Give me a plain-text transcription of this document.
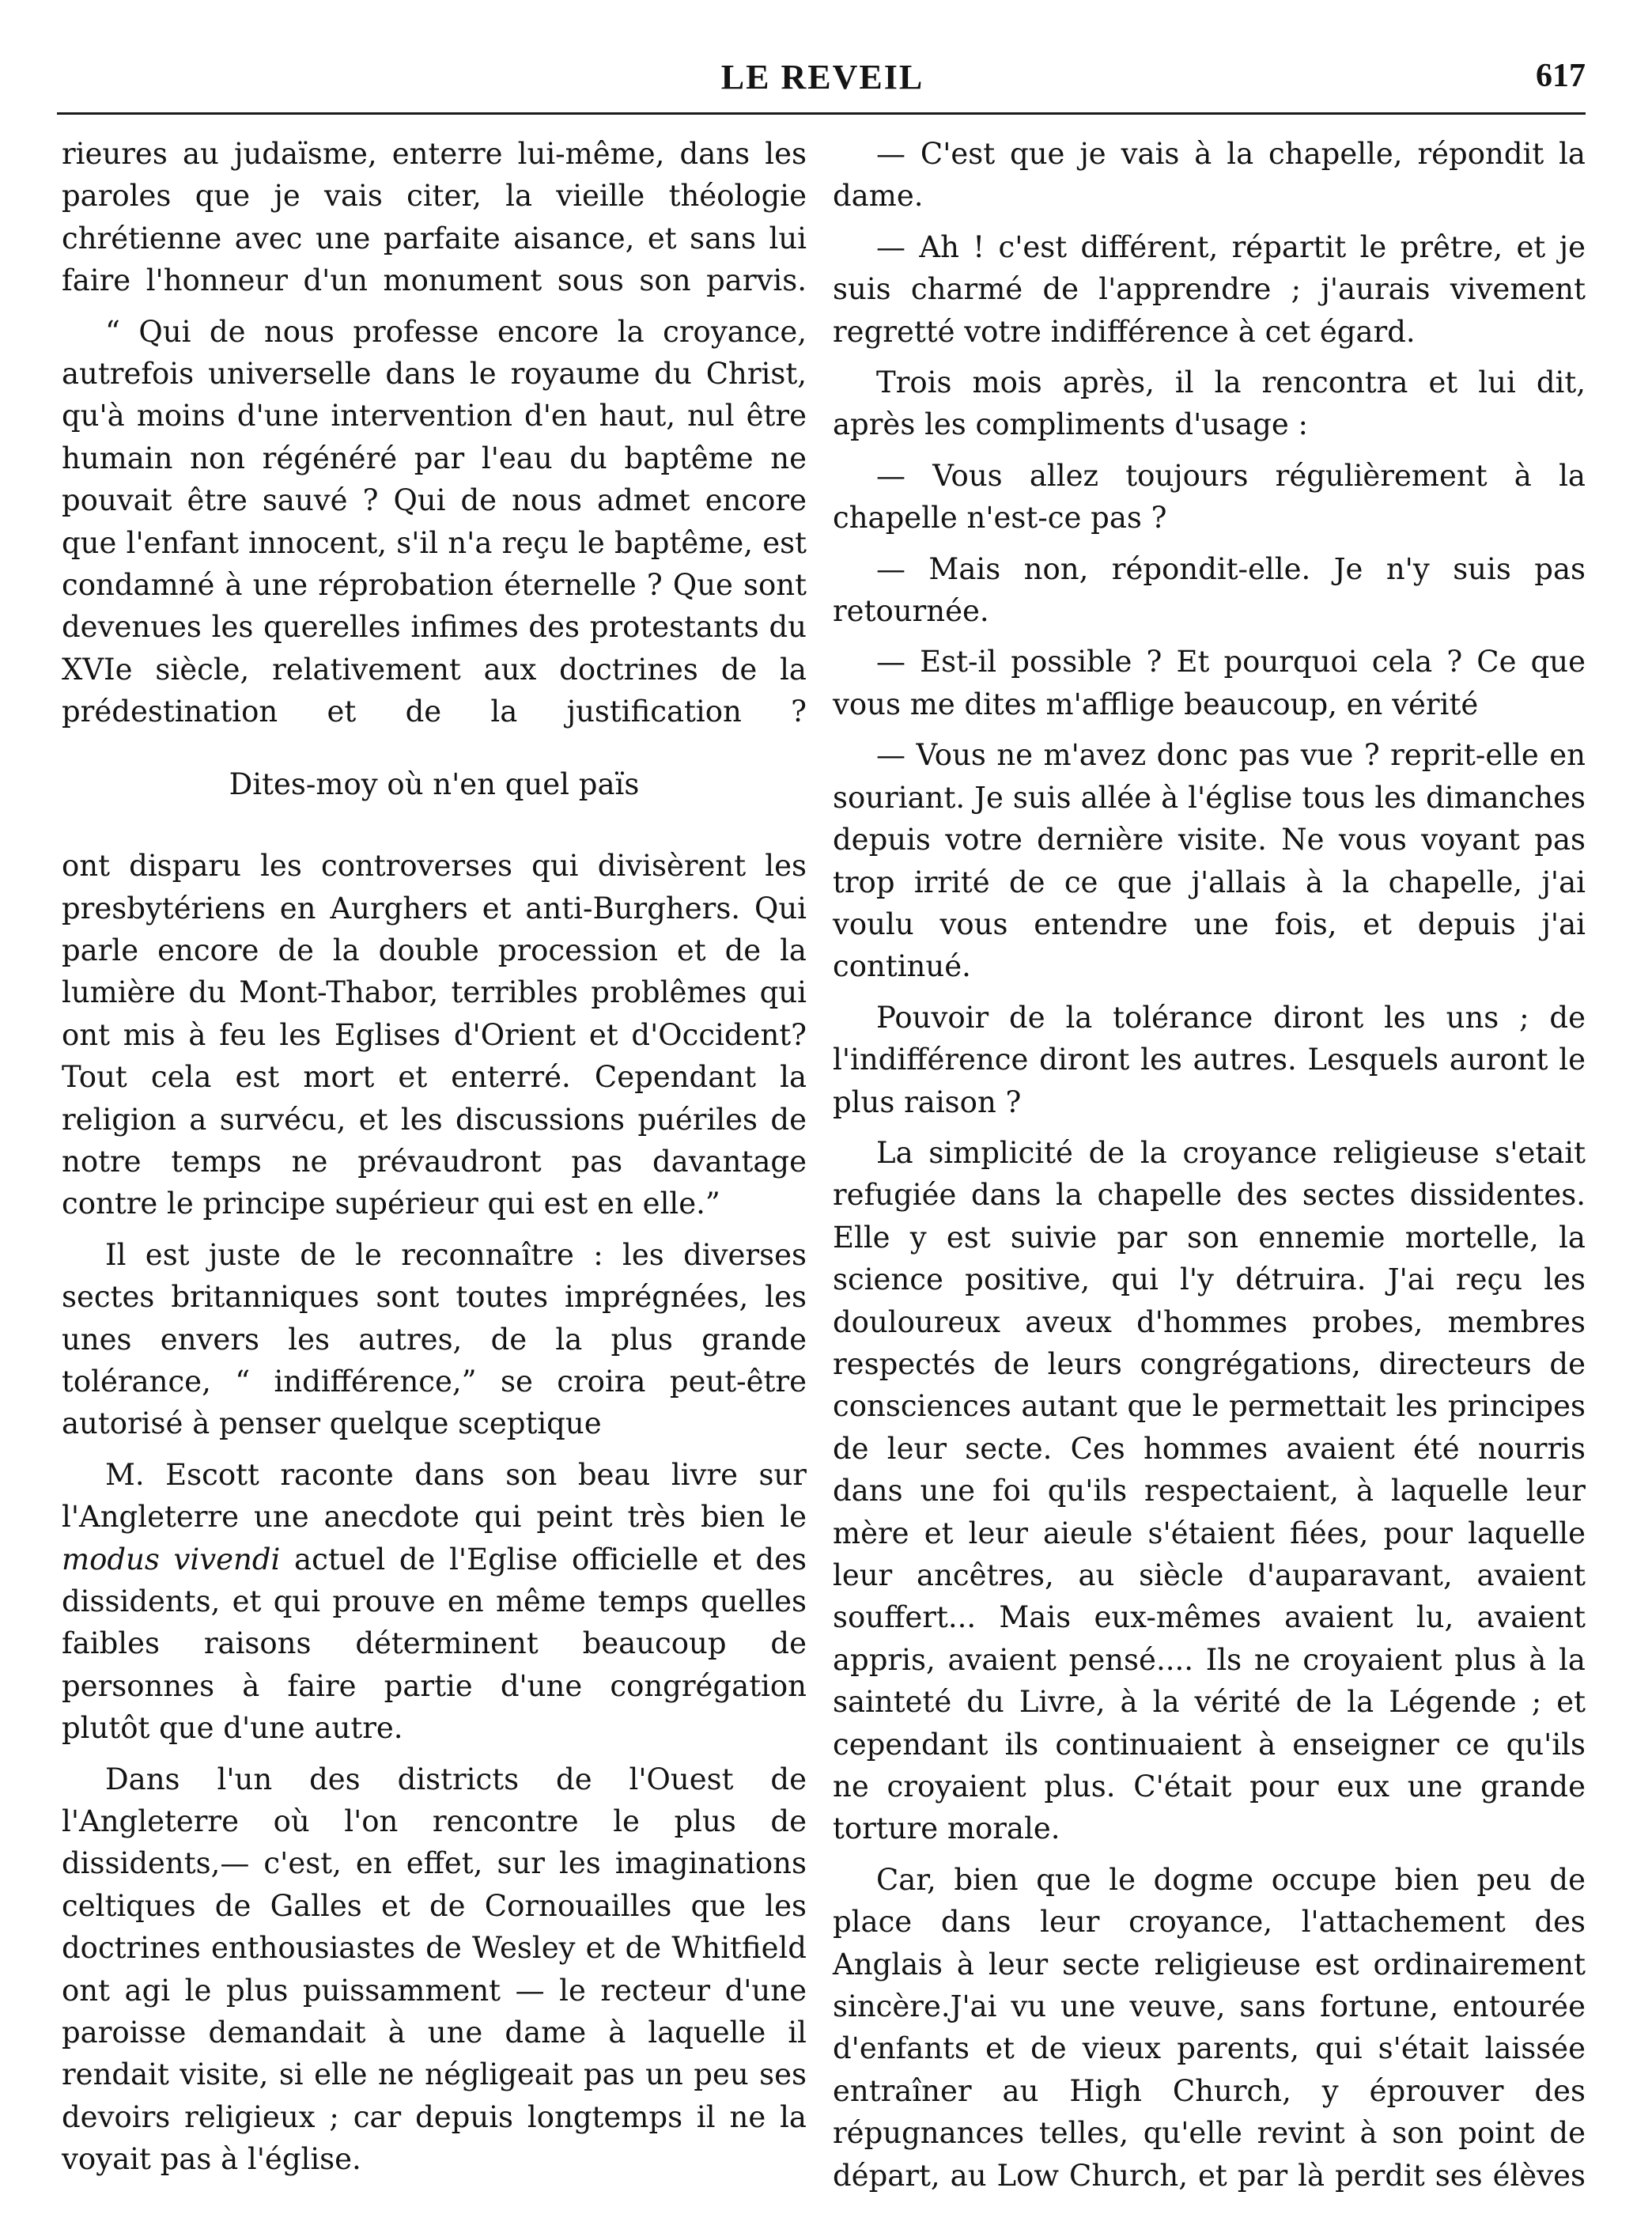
LE REVEIL	617

rieures au judaïsme, enterre lui-même, dans les paroles que je vais citer, la vieille théologie chrétienne avec une parfaite aisance, et sans lui faire l'honneur d'un monument sous son parvis.

“ Qui de nous professe encore la croyance, autrefois universelle dans le royaume du Christ, qu'à moins d'une intervention d'en haut, nul être humain non régénéré par l'eau du baptême ne pouvait être sauvé ? Qui de nous admet encore que l'enfant innocent, s'il n'a reçu le baptême, est condamné à une réprobation éternelle ? Que sont devenues les querelles infimes des protestants du XVIe siècle, relativement aux doctrines de la prédestination et de la justification ?

Dites-moy où n'en quel païs

ont disparu les controverses qui divisèrent les presbytériens en Aurghers et anti-Burghers. Qui parle encore de la double procession et de la lumière du Mont-Thabor, terribles problêmes qui ont mis à feu les Eglises d'Orient et d'Occident? Tout cela est mort et enterré. Cependant la religion a survécu, et les discussions puériles de notre temps ne prévaudront pas davantage contre le principe supérieur qui est en elle.”

Il est juste de le reconnaître : les diverses sectes britanniques sont toutes imprégnées, les unes envers les autres, de la plus grande tolérance, “ indifférence,” se croira peut-être autorisé à penser quelque sceptique

M. Escott raconte dans son beau livre sur l'Angleterre une anecdote qui peint très bien le modus vivendi actuel de l'Eglise officielle et des dissidents, et qui prouve en même temps quelles faibles raisons déterminent beaucoup de personnes à faire partie d'une congrégation plutôt que d'une autre.

Dans l'un des districts de l'Ouest de l'Angleterre où l'on rencontre le plus de dissidents,— c'est, en effet, sur les imaginations celtiques de Galles et de Cornouailles que les doctrines enthousiastes de Wesley et de Whitfield ont agi le plus puissamment — le recteur d'une paroisse demandait à une dame à laquelle il rendait visite, si elle ne négligeait pas un peu ses devoirs religieux ; car depuis longtemps il ne la voyait pas à l'église.

— C'est que je vais à la chapelle, répondit la dame.

— Ah ! c'est différent, répartit le prêtre, et je suis charmé de l'apprendre ; j'aurais vivement regretté votre indifférence à cet égard.

Trois mois après, il la rencontra et lui dit, après les compliments d'usage :

— Vous allez toujours régulièrement à la chapelle n'est-ce pas ?

— Mais non, répondit-elle. Je n'y suis pas retournée.

— Est-il possible ? Et pourquoi cela ? Ce que vous me dites m'afflige beaucoup, en vérité

— Vous ne m'avez donc pas vue ? reprit-elle en souriant. Je suis allée à l'église tous les dimanches depuis votre dernière visite. Ne vous voyant pas trop irrité de ce que j'allais à la chapelle, j'ai voulu vous entendre une fois, et depuis j'ai continué.

Pouvoir de la tolérance diront les uns ; de l'indifférence diront les autres. Lesquels auront le plus raison ?

La simplicité de la croyance religieuse s'etait refugiée dans la chapelle des sectes dissidentes. Elle y est suivie par son ennemie mortelle, la science positive, qui l'y détruira. J'ai reçu les douloureux aveux d'hommes probes, membres respectés de leurs congrégations, directeurs de consciences autant que le permettait les principes de leur secte. Ces hommes avaient été nourris dans une foi qu'ils respectaient, à laquelle leur mère et leur aieule s'étaient fiées, pour laquelle leur ancêtres, au siècle d'auparavant, avaient souffert... Mais eux-mêmes avaient lu, avaient appris, avaient pensé.... Ils ne croyaient plus à la sainteté du Livre, à la vérité de la Légende ; et cependant ils continuaient à enseigner ce qu'ils ne croyaient plus. C'était pour eux une grande torture morale.

Car, bien que le dogme occupe bien peu de place dans leur croyance, l'attachement des Anglais à leur secte religieuse est ordinairement sincère.J'ai vu une veuve, sans fortune, entourée d'enfants et de vieux parents, qui s'était laissée entraîner au High Church, y éprouver des répugnances telles, qu'elle revint à son point de départ, au Low Church, et par là perdit ses élèves
